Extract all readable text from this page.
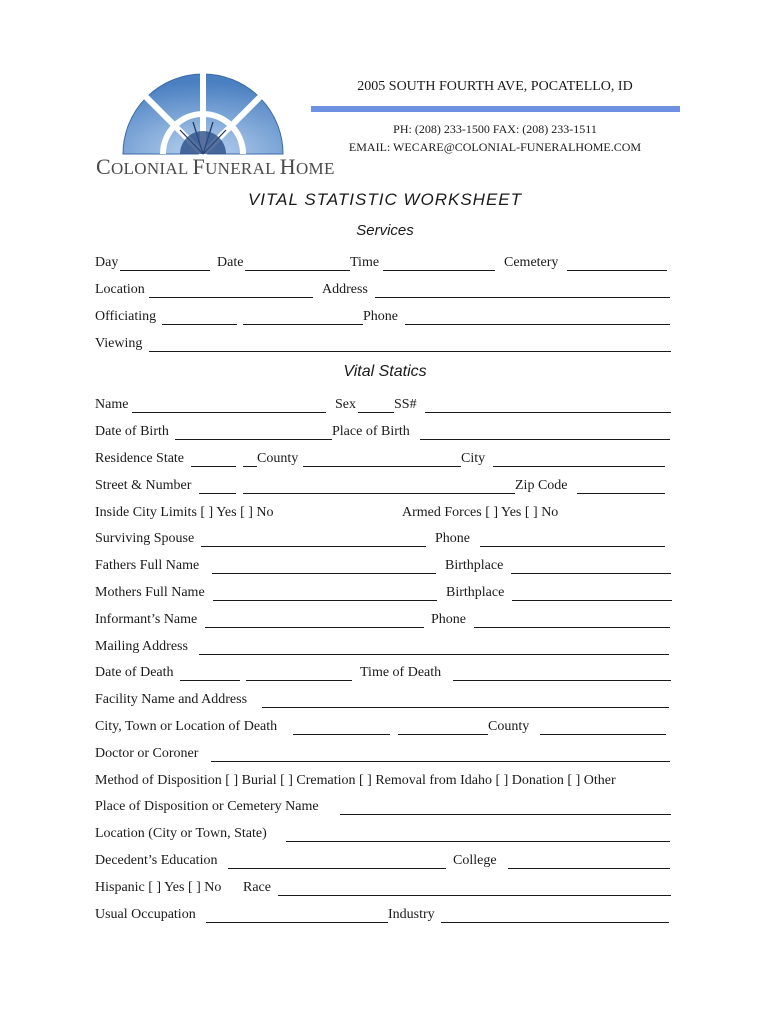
COLONIAL FUNERAL HOME
2005 SOUTH FOURTH AVE, POCATELLO, ID
PH: (208) 233-1500 FAX: (208) 233-1511
EMAIL: WECARE@COLONIAL-FUNERALHOME.COM
VITAL STATISTIC WORKSHEET
Services
Day	Date	Time	Cemetery
Location	Address
Officiating	Phone
Viewing
Vital Statics
Name	Sex	SS#
Date of Birth	Place of Birth
Residence State	County	City
Street & Number	Zip Code
Inside City Limits [ ] Yes [ ] No	Armed Forces [ ] Yes [ ] No
Surviving Spouse	Phone
Fathers Full Name	Birthplace
Mothers Full Name	Birthplace
Informant’s Name	Phone
Mailing Address
Date of Death	Time of Death
Facility Name and Address
City, Town or Location of Death	County
Doctor or Coroner
Method of Disposition [ ] Burial [ ] Cremation [ ] Removal from Idaho [ ] Donation [ ] Other
Place of Disposition or Cemetery Name
Location (City or Town, State)
Decedent’s Education	College
Hispanic [ ] Yes [ ] No Race
Usual Occupation	Industry
